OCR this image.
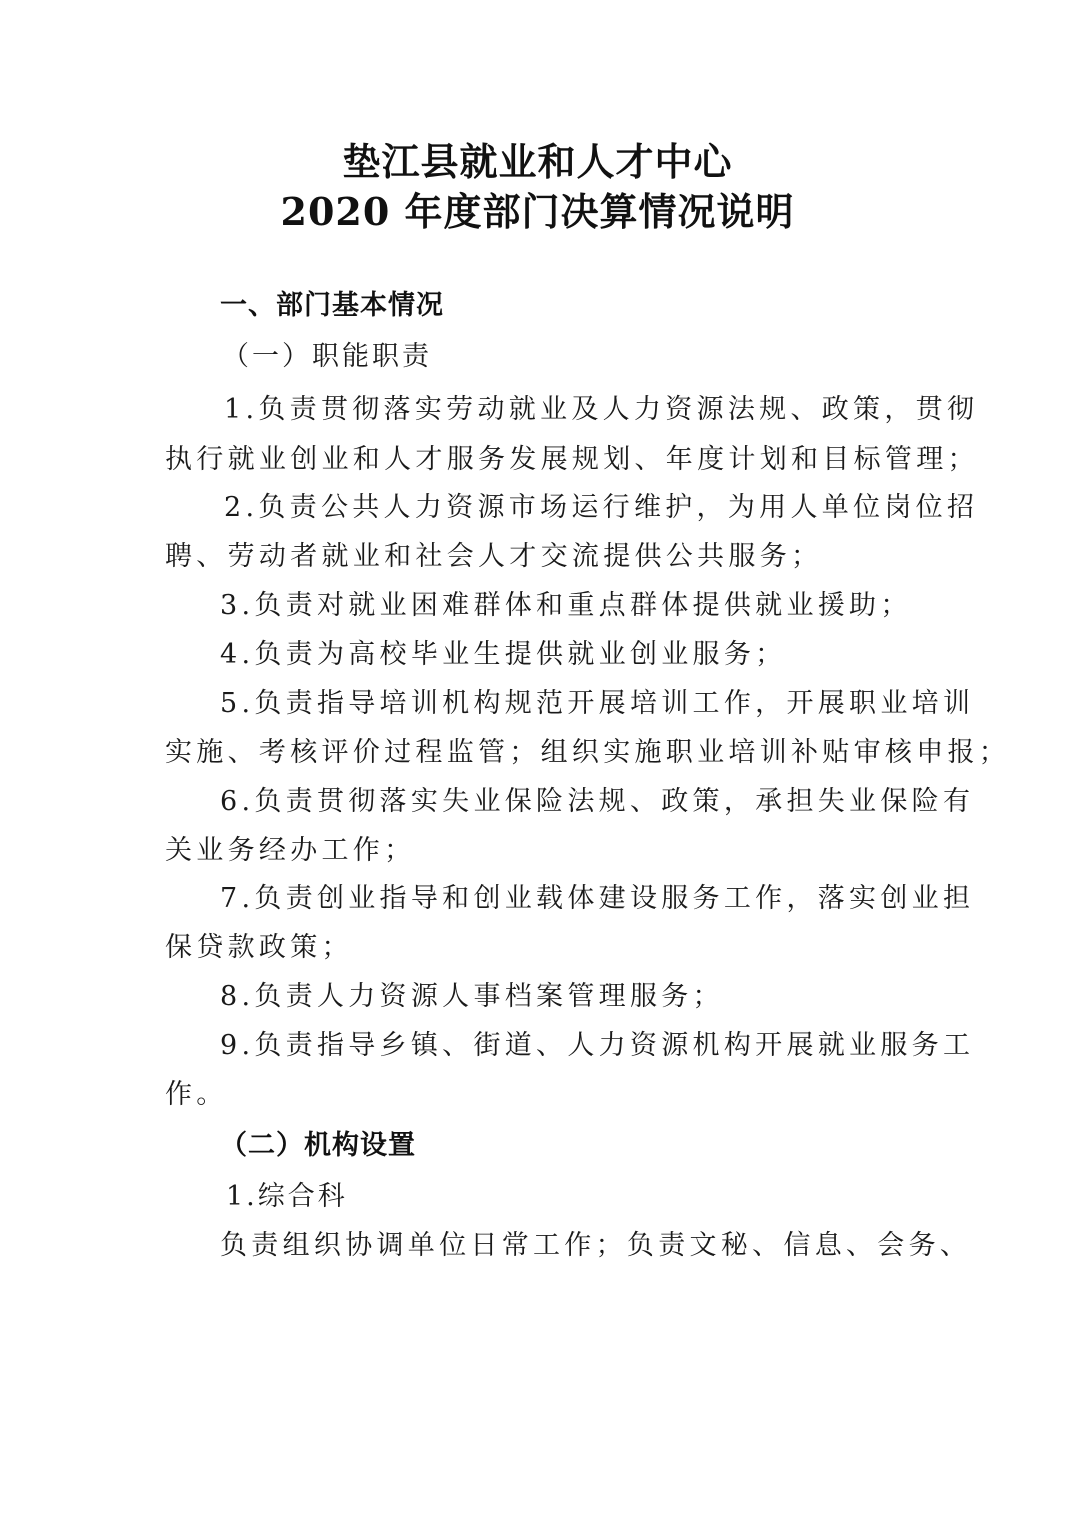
垫江县就业和人才中心
2020 年度部门决算情况说明
一、部门基本情况
（一）职能职责
1.负责贯彻落实劳动就业及人力资源法规、政策，贯彻
执行就业创业和人才服务发展规划、年度计划和目标管理；
2.负责公共人力资源市场运行维护，为用人单位岗位招
聘、劳动者就业和社会人才交流提供公共服务；
3.负责对就业困难群体和重点群体提供就业援助；
4.负责为高校毕业生提供就业创业服务；
5.负责指导培训机构规范开展培训工作，开展职业培训
实施、考核评价过程监管；组织实施职业培训补贴审核申报；
6.负责贯彻落实失业保险法规、政策，承担失业保险有
关业务经办工作；
7.负责创业指导和创业载体建设服务工作，落实创业担
保贷款政策；
8.负责人力资源人事档案管理服务；
9.负责指导乡镇、街道、人力资源机构开展就业服务工
作。
（二）机构设置
1.综合科
负责组织协调单位日常工作；负责文秘、信息、会务、
